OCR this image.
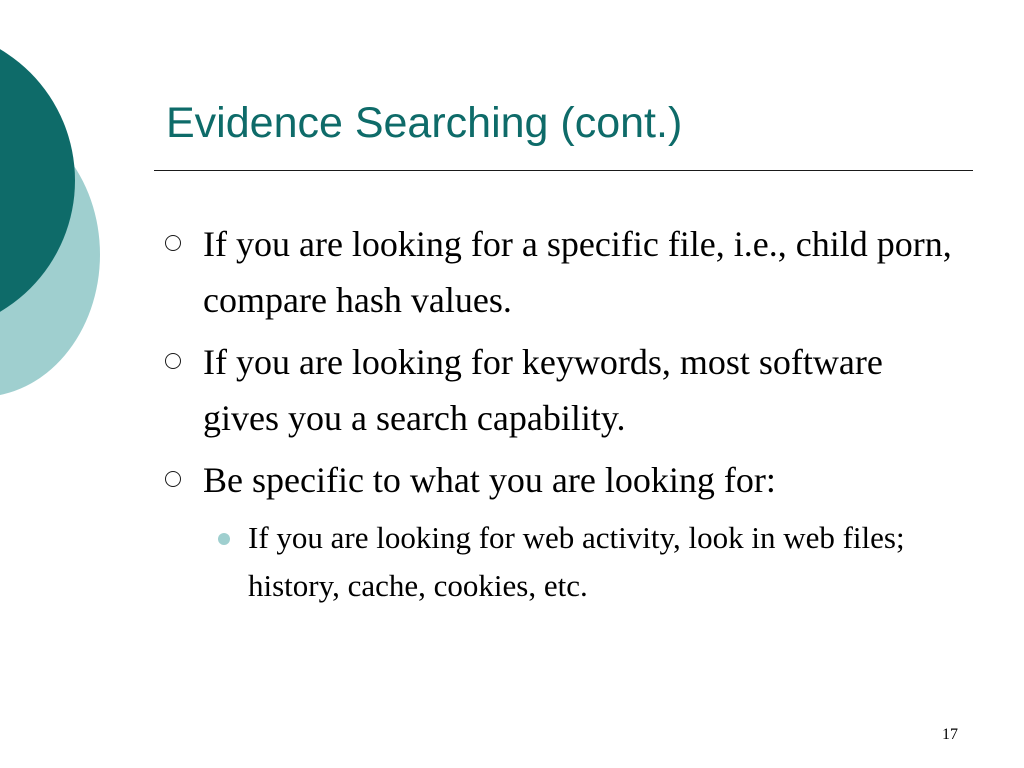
Evidence Searching (cont.)
If you are looking for a specific file, i.e., child porn, compare hash values.
If you are looking for keywords, most software gives you a search capability.
Be specific to what you are looking for:
If you are looking for web activity, look in web files; history, cache, cookies, etc.
17
